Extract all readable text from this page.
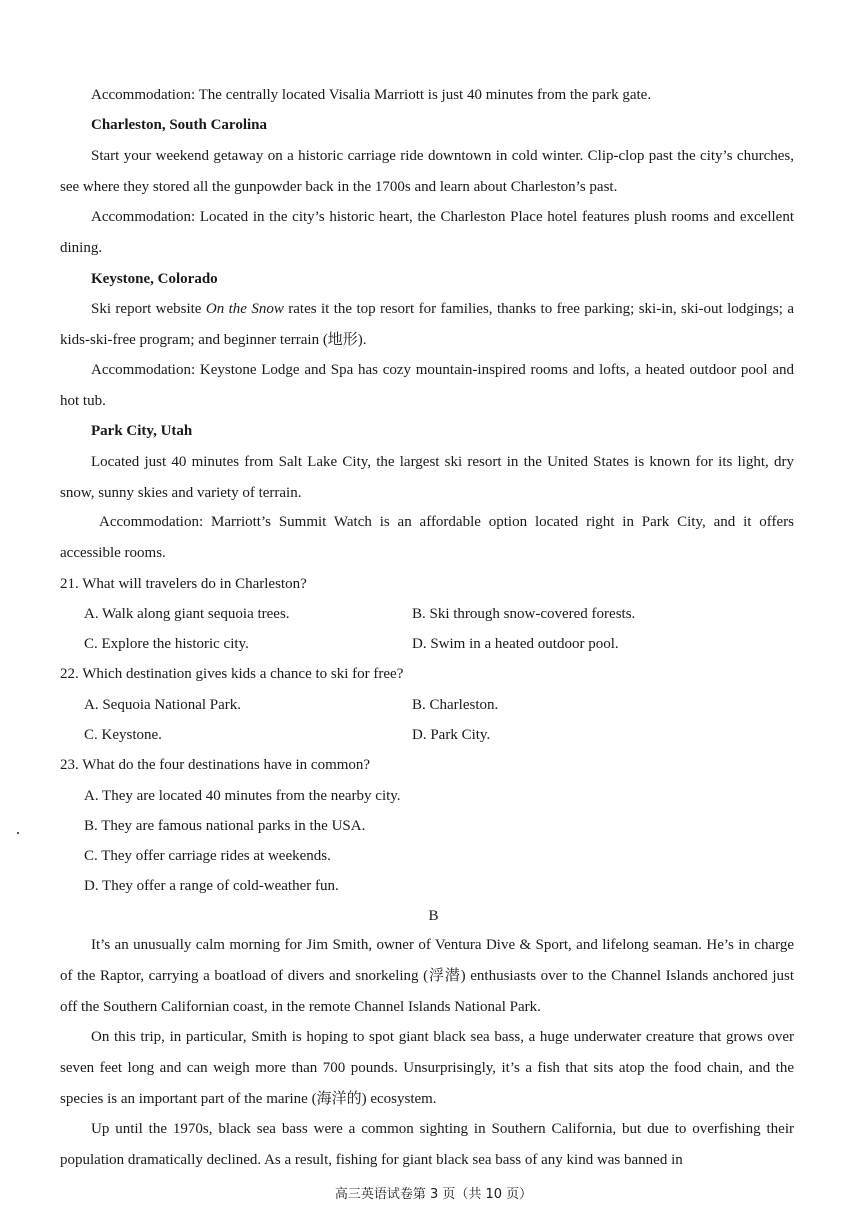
Accommodation: The centrally located Visalia Marriott is just 40 minutes from the park gate.

Charleston, South Carolina

Start your weekend getaway on a historic carriage ride downtown in cold winter. Clip-clop past the city’s churches, see where they stored all the gunpowder back in the 1700s and learn about Charleston’s past.

Accommodation: Located in the city’s historic heart, the Charleston Place hotel features plush rooms and excellent dining.

Keystone, Colorado

Ski report website On the Snow rates it the top resort for families, thanks to free parking; ski-in, ski-out lodgings; a kids-ski-free program; and beginner terrain (地形).

Accommodation: Keystone Lodge and Spa has cozy mountain-inspired rooms and lofts, a heated outdoor pool and hot tub.

Park City, Utah

Located just 40 minutes from Salt Lake City, the largest ski resort in the United States is known for its light, dry snow, sunny skies and variety of terrain.

Accommodation: Marriott’s Summit Watch is an affordable option located right in Park City, and it offers accessible rooms.

21. What will travelers do in Charleston?

A. Walk along giant sequoia trees.	B. Ski through snow-covered forests.

C. Explore the historic city.	D. Swim in a heated outdoor pool.

22. Which destination gives kids a chance to ski for free?

A. Sequoia National Park.	B. Charleston.

C. Keystone.	D. Park City.

23. What do the four destinations have in common?

A. They are located 40 minutes from the nearby city.

B. They are famous national parks in the USA.

C. They offer carriage rides at weekends.

D. They offer a range of cold-weather fun.

B

It’s an unusually calm morning for Jim Smith, owner of Ventura Dive & Sport, and lifelong seaman. He’s in charge of the Raptor, carrying a boatload of divers and snorkeling (浮潜) enthusiasts over to the Channel Islands anchored just off the Southern Californian coast, in the remote Channel Islands National Park.

On this trip, in particular, Smith is hoping to spot giant black sea bass, a huge underwater creature that grows over seven feet long and can weigh more than 700 pounds. Unsurprisingly, it’s a fish that sits atop the food chain, and the species is an important part of the marine (海洋的) ecosystem.

Up until the 1970s, black sea bass were a common sighting in Southern California, but due to overfishing their population dramatically declined. As a result, fishing for giant black sea bass of any kind was banned in

高三英语试卷第 3 页（共 10 页）
